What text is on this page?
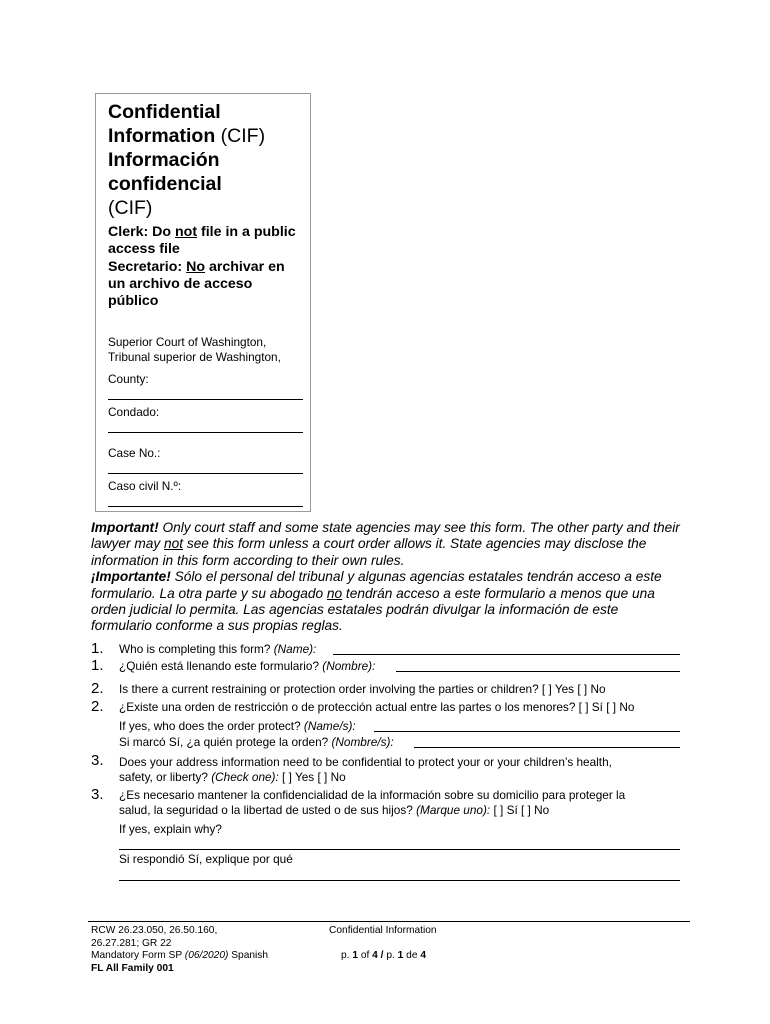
Confidential
Information (CIF)
Información
confidencial
(CIF)
Clerk: Do not file in a public access file
Secretario: No archivar en un archivo de acceso público
Superior Court of Washington,
Tribunal superior de Washington,
County:
Condado:
Case No.:
Caso civil N.º:
Important! Only court staff and some state agencies may see this form. The other party and their lawyer may not see this form unless a court order allows it. State agencies may disclose the information in this form according to their own rules.
¡Importante! Sólo el personal del tribunal y algunas agencias estatales tendrán acceso a este formulario. La otra parte y su abogado no tendrán acceso a este formulario a menos que una orden judicial lo permita. Las agencias estatales podrán divulgar la información de este formulario conforme a sus propias reglas.
1. Who is completing this form? (Name):
1. ¿Quién está llenando este formulario? (Nombre):
2. Is there a current restraining or protection order involving the parties or children? [ ] Yes [ ] No
2. ¿Existe una orden de restricción o de protección actual entre las partes o los menores? [ ] Sí [ ] No
If yes, who does the order protect? (Name/s):
Si marcó Sí, ¿a quién protege la orden? (Nombre/s):
3. Does your address information need to be confidential to protect your or your children’s health,
safety, or liberty? (Check one): [ ] Yes [ ] No
3. ¿Es necesario mantener la confidencialidad de la información sobre su domicilio para proteger la
salud, la seguridad o la libertad de usted o de sus hijos? (Marque uno): [ ] Sí [ ] No
If yes, explain why?
Si respondió Sí, explique por qué
RCW 26.23.050, 26.50.160,
26.27.281; GR 22
Mandatory Form SP (06/2020) Spanish
FL All Family 001
Confidential Information
p. 1 of 4 / p. 1 de 4
